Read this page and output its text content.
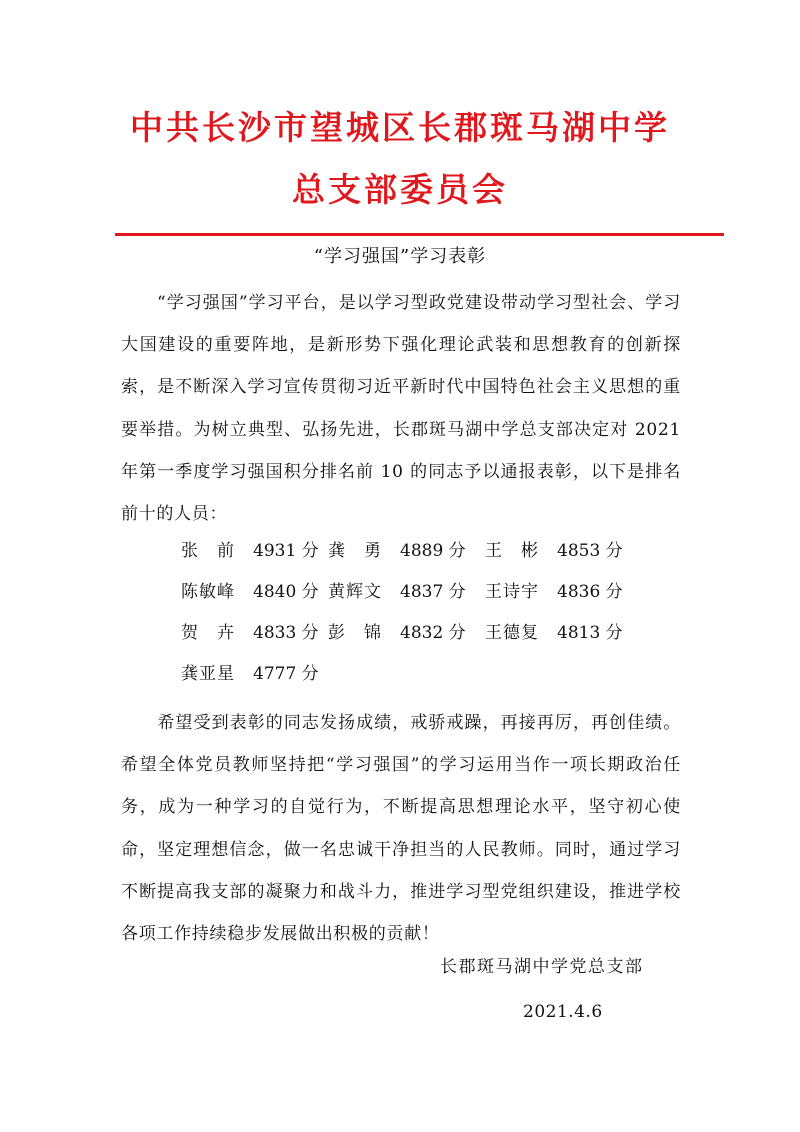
中共长沙市望城区长郡斑马湖中学
总支部委员会
“学习强国”学习表彰

“学习强国”学习平台，是以学习型政党建设带动学习型社会、学习大国建设的重要阵地，是新形势下强化理论武装和思想教育的创新探索，是不断深入学习宣传贯彻习近平新时代中国特色社会主义思想的重要举措。为树立典型、弘扬先进，长郡斑马湖中学总支部决定对 2021 年第一季度学习强国积分排名前 10 的同志予以通报表彰，以下是排名前十的人员：

张　前 4931 分 龚　勇 4889 分 王　彬 4853 分
陈敏峰 4840 分 黄辉文 4837 分 王诗宇 4836 分
贺　卉 4833 分 彭　锦 4832 分 王德复 4813 分
龚亚星 4777 分

希望受到表彰的同志发扬成绩，戒骄戒躁，再接再厉，再创佳绩。希望全体党员教师坚持把“学习强国”的学习运用当作一项长期政治任务，成为一种学习的自觉行为，不断提高思想理论水平，坚守初心使命，坚定理想信念，做一名忠诚干净担当的人民教师。同时，通过学习不断提高我支部的凝聚力和战斗力，推进学习型党组织建设，推进学校各项工作持续稳步发展做出积极的贡献！

长郡斑马湖中学党总支部
2021.4.6
